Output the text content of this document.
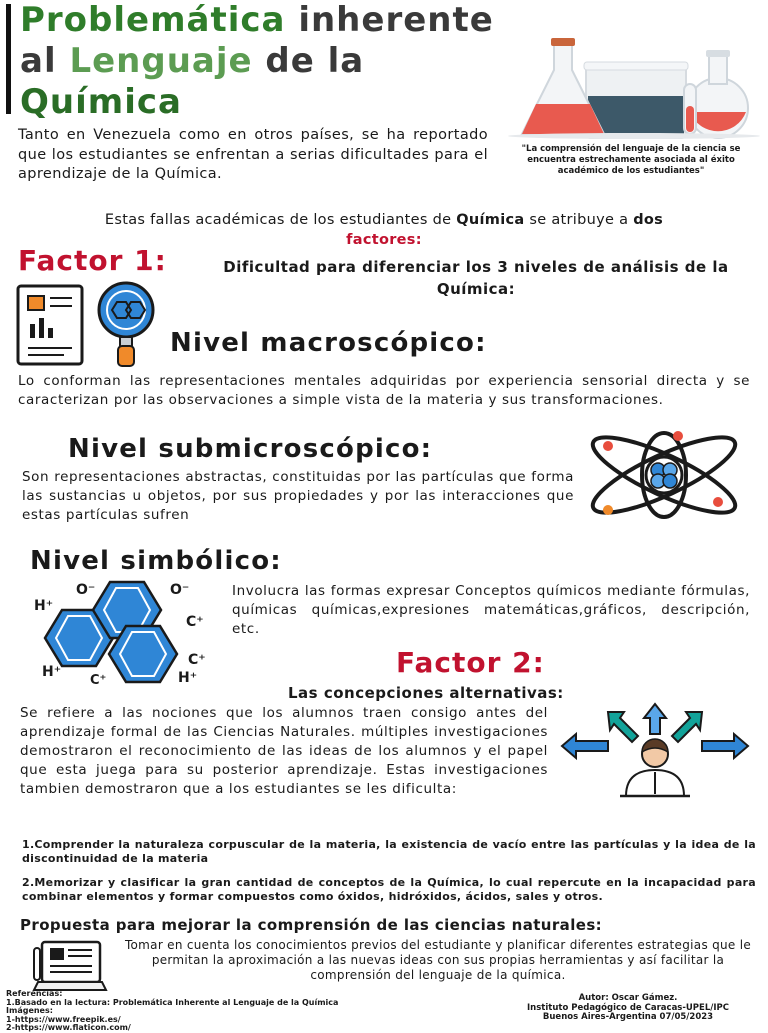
Problemática inherente
al Lenguaje de la
Química

Tanto en Venezuela como en otros países, se ha reportado que los estudiantes se enfrentan a serias dificultades para el aprendizaje de la Química.

"La comprensión del lenguaje de la ciencia se encuentra estrechamente asociada al éxito académico de los estudiantes"

Estas fallas académicas de los estudiantes de Química se atribuye a dos
factores:
Factor 1:	Dificultad para diferenciar los 3 niveles de análisis de la Química:
Nivel macroscópico:

Lo conforman las representaciones mentales adquiridas por experiencia sensorial directa y se caracterizan por las observaciones a simple vista de la materia y sus transformaciones.

Nivel submicroscópico:

Son representaciones abstractas, constituidas por las partículas que forma las sustancias u objetos, por sus propiedades y por las interacciones que estas partículas sufren

Nivel simbólico:

Involucra las formas expresar Conceptos químicos mediante fórmulas, químicas químicas,expresiones matemáticas,gráficos, descripción, etc.

H⁺
O⁻	O⁻
C⁺
C⁺
H⁺
C⁺	H⁺	Factor 2:
Las concepciones alternativas:

Se refiere a las nociones que los alumnos traen consigo antes del aprendizaje formal de las Ciencias Naturales. múltiples investigaciones demostraron el reconocimiento de las ideas de los alumnos y el papel que esta juega para su posterior aprendizaje. Estas investigaciones tambien demostraron que a los estudiantes se les dificulta:

1.Comprender la naturaleza corpuscular de la materia, la existencia de vacío entre las partículas y la idea de la discontinuidad de la materia

2.Memorizar y clasificar la gran cantidad de conceptos de la Química, lo cual repercute en la incapacidad para combinar elementos y formar compuestos como óxidos, hidróxidos, ácidos, sales y otros.

Propuesta para mejorar la comprensión de las ciencias naturales:

Tomar en cuenta los conocimientos previos del estudiante y planificar diferentes estrategias que le permitan la aproximación a las nuevas ideas con sus propias herramientas y así facilitar la comprensión del lenguaje de la química.

Referencias:
1.Basado en la lectura: Problemática Inherente al Lenguaje de la Química
Imágenes:
1-https://www.freepik.es/
2-https://www.flaticon.com/
Autor: Oscar Gámez.
Instituto Pedagógico de Caracas-UPEL/IPC
Buenos Aires-Argentina 07/05/2023
